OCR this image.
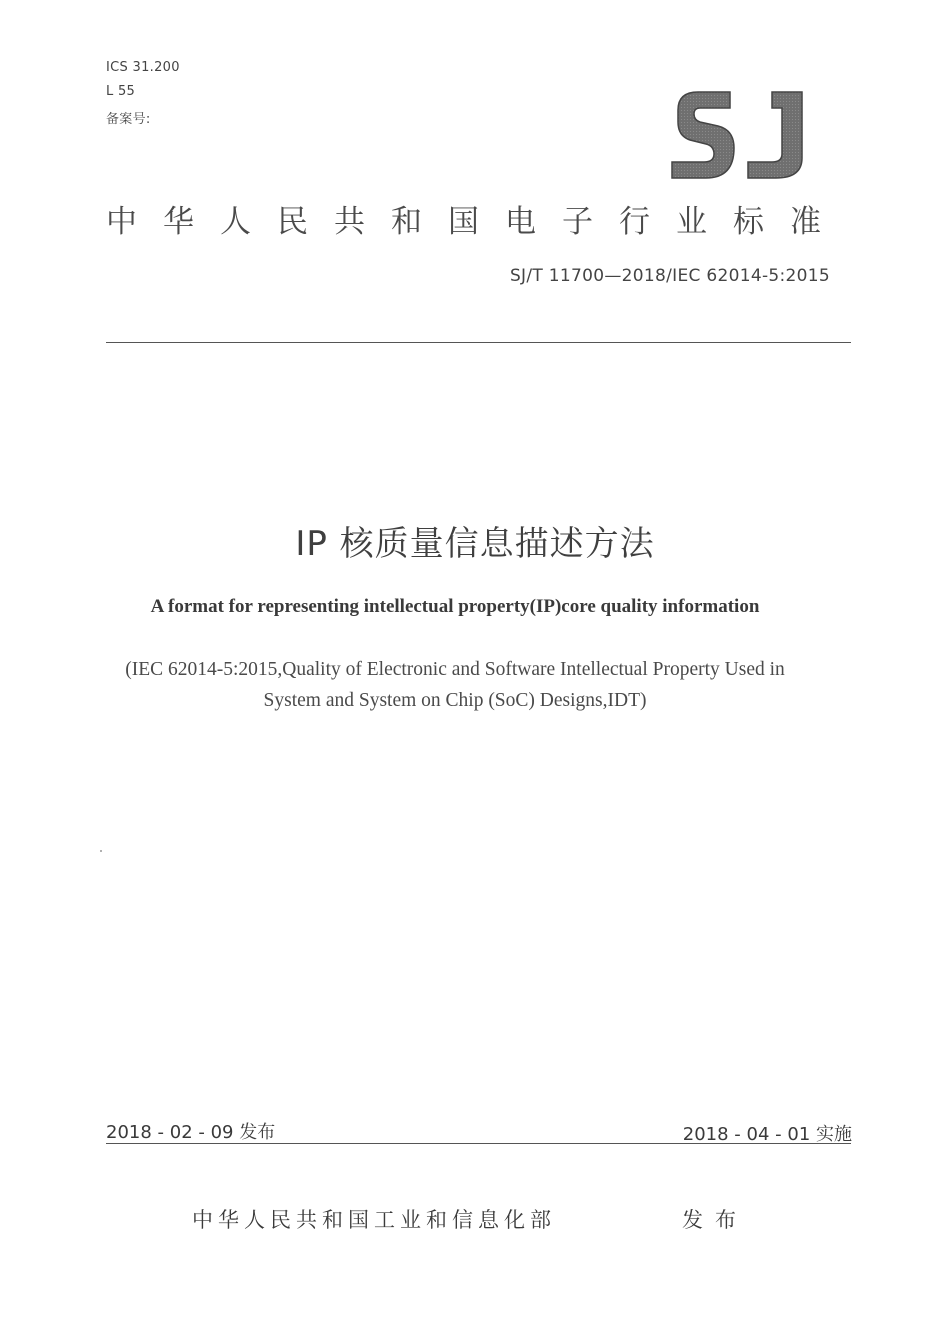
ICS 31.200
L 55
备案号:
中华人民共和国电子行业标准
SJ/T 11700—2018/IEC 62014-5:2015
IP 核质量信息描述方法
A format for representing intellectual property(IP)core quality information
(IEC 62014-5:2015,Quality of Electronic and Software Intellectual Property Used in
System and System on Chip (SoC) Designs,IDT)
2018 - 02 - 09 发布	2018 - 04 - 01 实施
中华人民共和国工业和信息化部	发布
